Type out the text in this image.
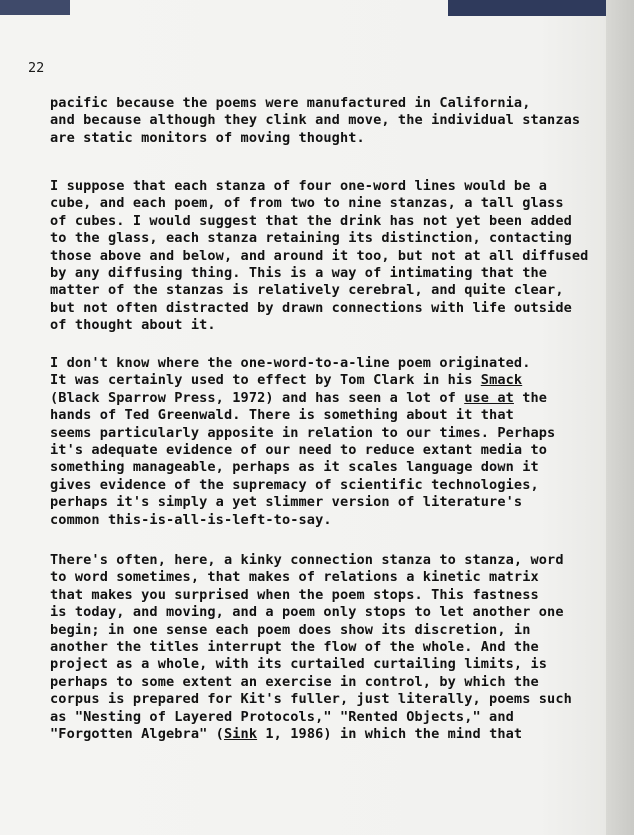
22
pacific because the poems were manufactured in California,
and because although they clink and move, the individual stanzas
are static monitors of moving thought.
I suppose that each stanza of four one-word lines would be a
cube, and each poem, of from two to nine stanzas, a tall glass
of cubes. I would suggest that the drink has not yet been added
to the glass, each stanza retaining its distinction, contacting
those above and below, and around it too, but not at all diffused
by any diffusing thing. This is a way of intimating that the
matter of the stanzas is relatively cerebral, and quite clear,
but not often distracted by drawn connections with life outside
of thought about it.
I don't know where the one-word-to-a-line poem originated.
It was certainly used to effect by Tom Clark in his Smack
(Black Sparrow Press, 1972) and has seen a lot of use at the
hands of Ted Greenwald. There is something about it that
seems particularly apposite in relation to our times. Perhaps
it's adequate evidence of our need to reduce extant media to
something manageable, perhaps as it scales language down it
gives evidence of the supremacy of scientific technologies,
perhaps it's simply a yet slimmer version of literature's
common this-is-all-is-left-to-say.
There's often, here, a kinky connection stanza to stanza, word
to word sometimes, that makes of relations a kinetic matrix
that makes you surprised when the poem stops. This fastness
is today, and moving, and a poem only stops to let another one
begin; in one sense each poem does show its discretion, in
another the titles interrupt the flow of the whole. And the
project as a whole, with its curtailed curtailing limits, is
perhaps to some extent an exercise in control, by which the
corpus is prepared for Kit's fuller, just literally, poems such
as "Nesting of Layered Protocols," "Rented Objects," and
"Forgotten Algebra" (Sink 1, 1986) in which the mind that
